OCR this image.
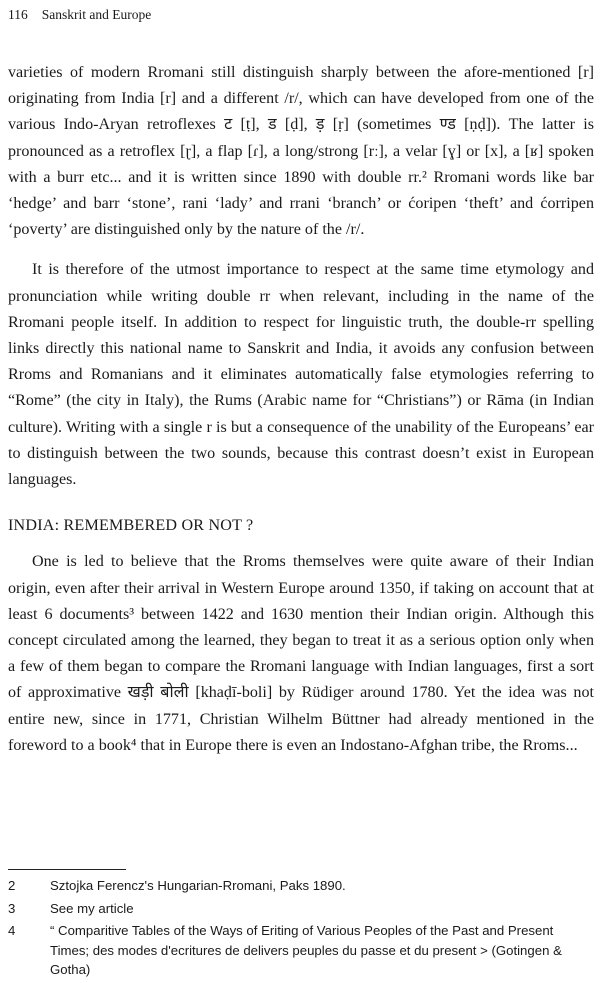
116 Sanskrit and Europe

varieties of modern Rromani still distinguish sharply between the afore-mentioned [r] originating from India [r] and a different /r/, which can have developed from one of the various Indo-Aryan retroflexes ट [ṭ], ड [ḍ], ड़ [ṛ] (sometimes ण्ड [ṇḍ]). The latter is pronounced as a retroflex [ɽ], a flap [ɾ], a long/strong [rː], a velar [ɣ] or [x], a [ʁ] spoken with a burr etc... and it is written since 1890 with double rr.² Rromani words like bar ‘hedge’ and barr ‘stone’, rani ‘lady’ and rrani ‘branch’ or ćoripen ‘theft’ and ćorripen ‘poverty’ are distinguished only by the nature of the /r/.

It is therefore of the utmost importance to respect at the same time etymology and pronunciation while writing double rr when relevant, including in the name of the Rromani people itself. In addition to respect for linguistic truth, the double-rr spelling links directly this national name to Sanskrit and India, it avoids any confusion between Rroms and Romanians and it eliminates automatically false etymologies referring to “Rome” (the city in Italy), the Rums (Arabic name for “Christians”) or Rāma (in Indian culture). Writing with a single r is but a consequence of the unability of the Europeans’ ear to distinguish between the two sounds, because this contrast doesn’t exist in European languages.

INDIA: REMEMBERED OR NOT ?

One is led to believe that the Rroms themselves were quite aware of their Indian origin, even after their arrival in Western Europe around 1350, if taking on account that at least 6 documents³ between 1422 and 1630 mention their Indian origin. Although this concept circulated among the learned, they began to treat it as a serious option only when a few of them began to compare the Rromani language with Indian languages, first a sort of approximative खड़ी बोली [khaḍī-boli] by Rüdiger around 1780. Yet the idea was not entire new, since in 1771, Christian Wilhelm Büttner had already mentioned in the foreword to a book⁴ that in Europe there is even an Indostano-Afghan tribe, the Rroms...

2	Sztojka Ferencz's Hungarian-Rromani, Paks 1890.
3	See my article
4	“ Comparitive Tables of the Ways of Eriting of Various Peoples of the Past and Present Times; des modes d'ecritures de delivers peuples du passe et du present > (Gotingen & Gotha)
